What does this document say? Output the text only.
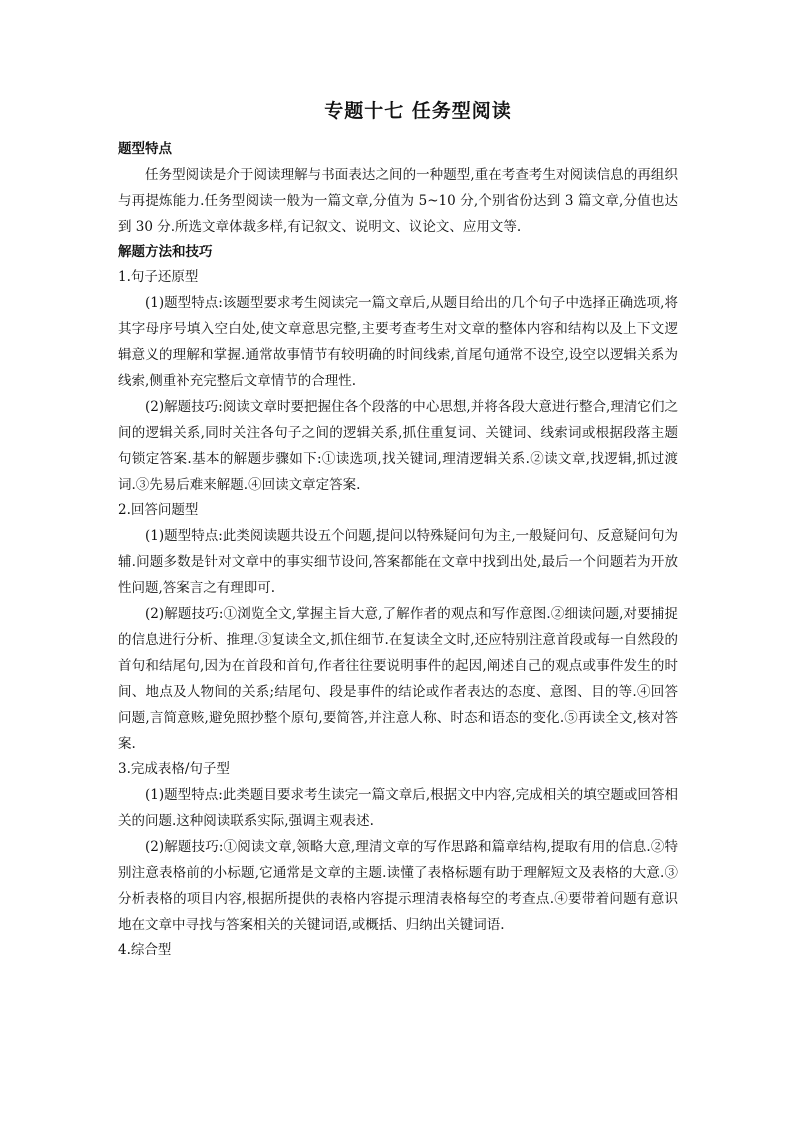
专题十七 任务型阅读

题型特点

任务型阅读是介于阅读理解与书面表达之间的一种题型,重在考查考生对阅读信息的再组织与再提炼能力.任务型阅读一般为一篇文章,分值为 5~10 分,个别省份达到 3 篇文章,分值也达到 30 分.所选文章体裁多样,有记叙文、说明文、议论文、应用文等.

解题方法和技巧

1.句子还原型

(1)题型特点:该题型要求考生阅读完一篇文章后,从题目给出的几个句子中选择正确选项,将其字母序号填入空白处,使文章意思完整,主要考查考生对文章的整体内容和结构以及上下文逻辑意义的理解和掌握.通常故事情节有较明确的时间线索,首尾句通常不设空,设空以逻辑关系为线索,侧重补充完整后文章情节的合理性.

(2)解题技巧:阅读文章时要把握住各个段落的中心思想,并将各段大意进行整合,理清它们之间的逻辑关系,同时关注各句子之间的逻辑关系,抓住重复词、关键词、线索词或根据段落主题句锁定答案.基本的解题步骤如下:①读选项,找关键词,理清逻辑关系.②读文章,找逻辑,抓过渡词.③先易后难来解题.④回读文章定答案.

2.回答问题型

(1)题型特点:此类阅读题共设五个问题,提问以特殊疑问句为主,一般疑问句、反意疑问句为辅.问题多数是针对文章中的事实细节设问,答案都能在文章中找到出处,最后一个问题若为开放性问题,答案言之有理即可.

(2)解题技巧:①浏览全文,掌握主旨大意,了解作者的观点和写作意图.②细读问题,对要捕捉的信息进行分析、推理.③复读全文,抓住细节.在复读全文时,还应特别注意首段或每一自然段的首句和结尾句,因为在首段和首句,作者往往要说明事件的起因,阐述自己的观点或事件发生的时间、地点及人物间的关系;结尾句、段是事件的结论或作者表达的态度、意图、目的等.④回答问题,言简意赅,避免照抄整个原句,要简答,并注意人称、时态和语态的变化.⑤再读全文,核对答案.

3.完成表格/句子型

(1)题型特点:此类题目要求考生读完一篇文章后,根据文中内容,完成相关的填空题或回答相关的问题.这种阅读联系实际,强调主观表述.

(2)解题技巧:①阅读文章,领略大意,理清文章的写作思路和篇章结构,提取有用的信息.②特别注意表格前的小标题,它通常是文章的主题.读懂了表格标题有助于理解短文及表格的大意.③分析表格的项目内容,根据所提供的表格内容提示理清表格每空的考查点.④要带着问题有意识地在文章中寻找与答案相关的关键词语,或概括、归纳出关键词语.

4.综合型
